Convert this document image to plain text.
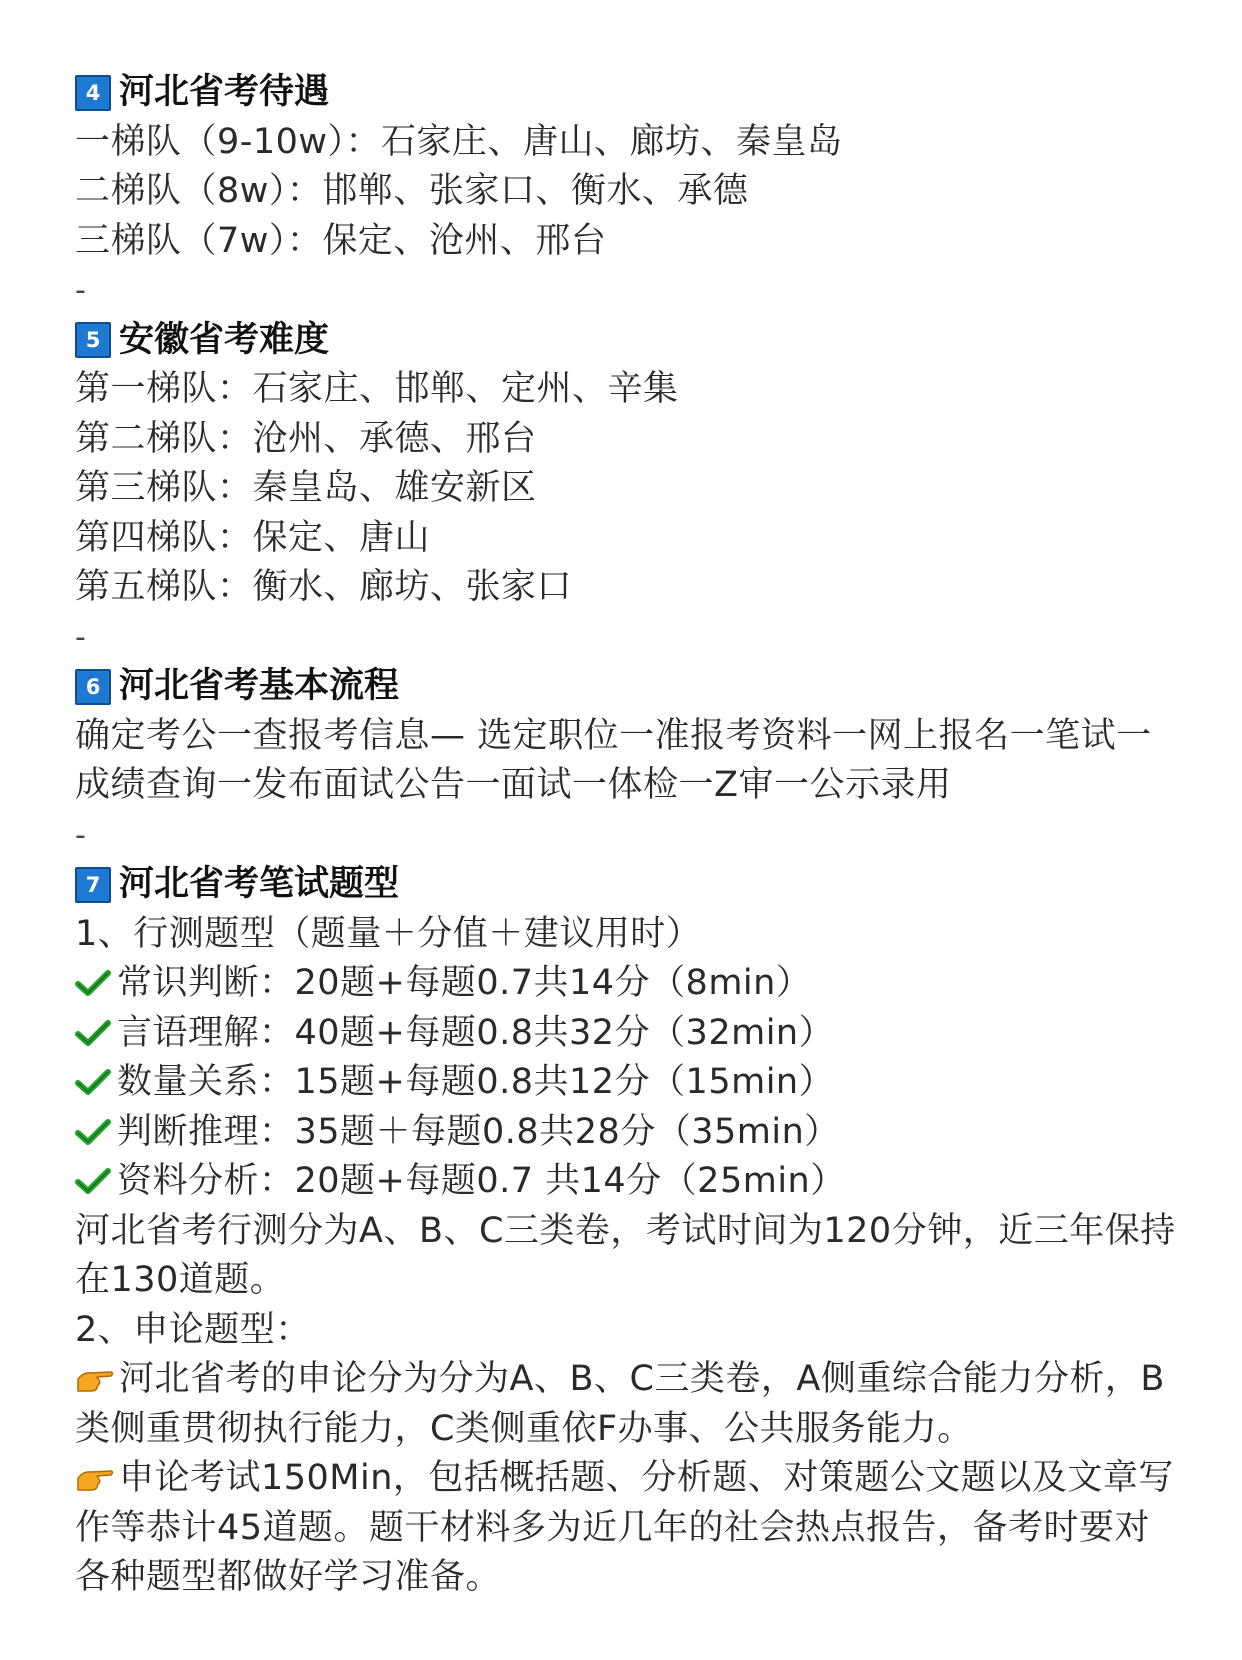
4 河北省考待遇
一梯队（9-10w）：石家庄、唐山、廊坊、秦皇岛
二梯队（8w）：邯郸、张家口、衡水、承德
三梯队（7w）：保定、沧州、邢台
-
5 安徽省考难度
第一梯队：石家庄、邯郸、定州、辛集
第二梯队：沧州、承德、邢台
第三梯队：秦皇岛、雄安新区
第四梯队：保定、唐山
第五梯队：衡水、廊坊、张家口
-
6 河北省考基本流程
确定考公一查报考信息— 选定职位一准报考资料一网上报名一笔试一成绩查询一发布面试公告一面试一体检一Z审一公示录用
-
7 河北省考笔试题型
1、行测题型（题量＋分值＋建议用时）
常识判断：20题+每题0.7共14分（8min）
言语理解：40题+每题0.8共32分（32min）
数量关系：15题+每题0.8共12分（15min）
判断推理：35题＋每题0.8共28分（35min）
资料分析：20题+每题0.7 共14分（25min）
河北省考行测分为A、B、C三类卷，考试时间为120分钟，近三年保持在130道题。
2、申论题型：
河北省考的申论分为分为A、B、C三类卷，A侧重综合能力分析，B类侧重贯彻执行能力，C类侧重依F办事、公共服务能力。
申论考试150Min，包括概括题、分析题、对策题公文题以及文章写作等恭计45道题。题干材料多为近几年的社会热点报告，备考时要对各种题型都做好学习准备。
